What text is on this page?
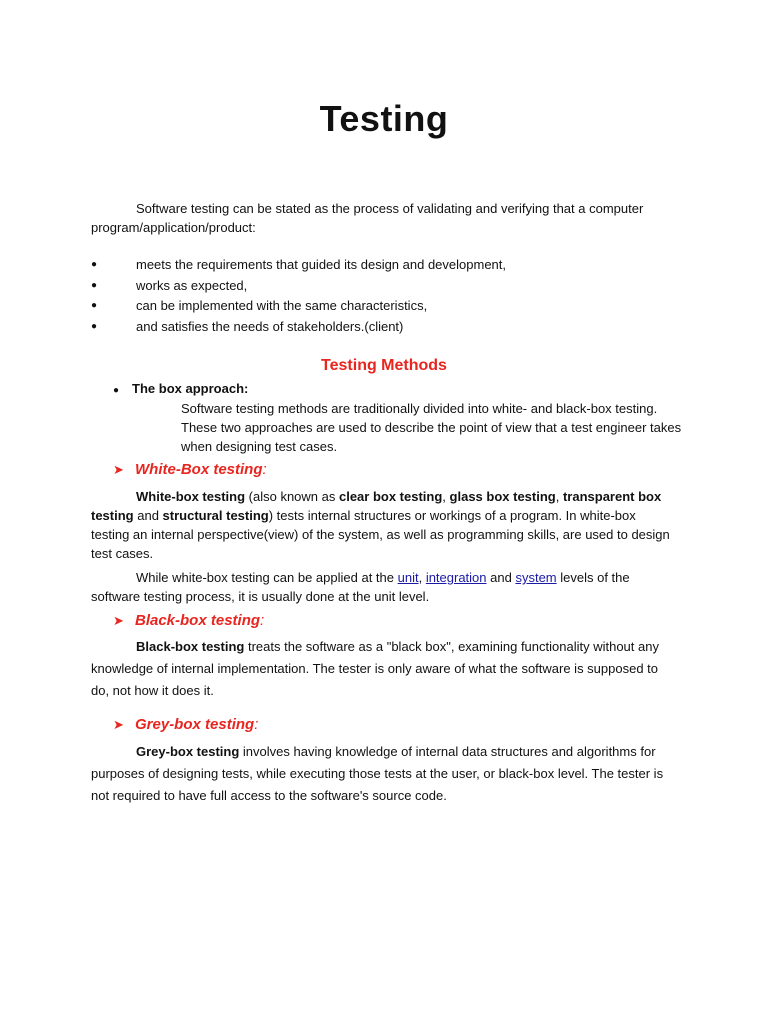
Testing
Software testing can be stated as the process of validating and verifying that a computer program/application/product:
●	meets the requirements that guided its design and development,
●	works as expected,
●	can be implemented with the same characteristics,
●	and satisfies the needs of stakeholders.(client)
Testing Methods
● The box approach:
Software testing methods are traditionally divided into white- and black-box testing. These two approaches are used to describe the point of view that a test engineer takes when designing test cases.
➤ White-Box testing:
White-box testing (also known as clear box testing, glass box testing, transparent box testing and structural testing) tests internal structures or workings of a program. In white-box testing an internal perspective(view) of the system, as well as programming skills, are used to design test cases.
While white-box testing can be applied at the unit, integration and system levels of the software testing process, it is usually done at the unit level.
➤ Black-box testing:
Black-box testing treats the software as a "black box", examining functionality without any knowledge of internal implementation. The tester is only aware of what the software is supposed to do, not how it does it.
➤ Grey-box testing:
Grey-box testing involves having knowledge of internal data structures and algorithms for purposes of designing tests, while executing those tests at the user, or black-box level. The tester is not required to have full access to the software's source code.
